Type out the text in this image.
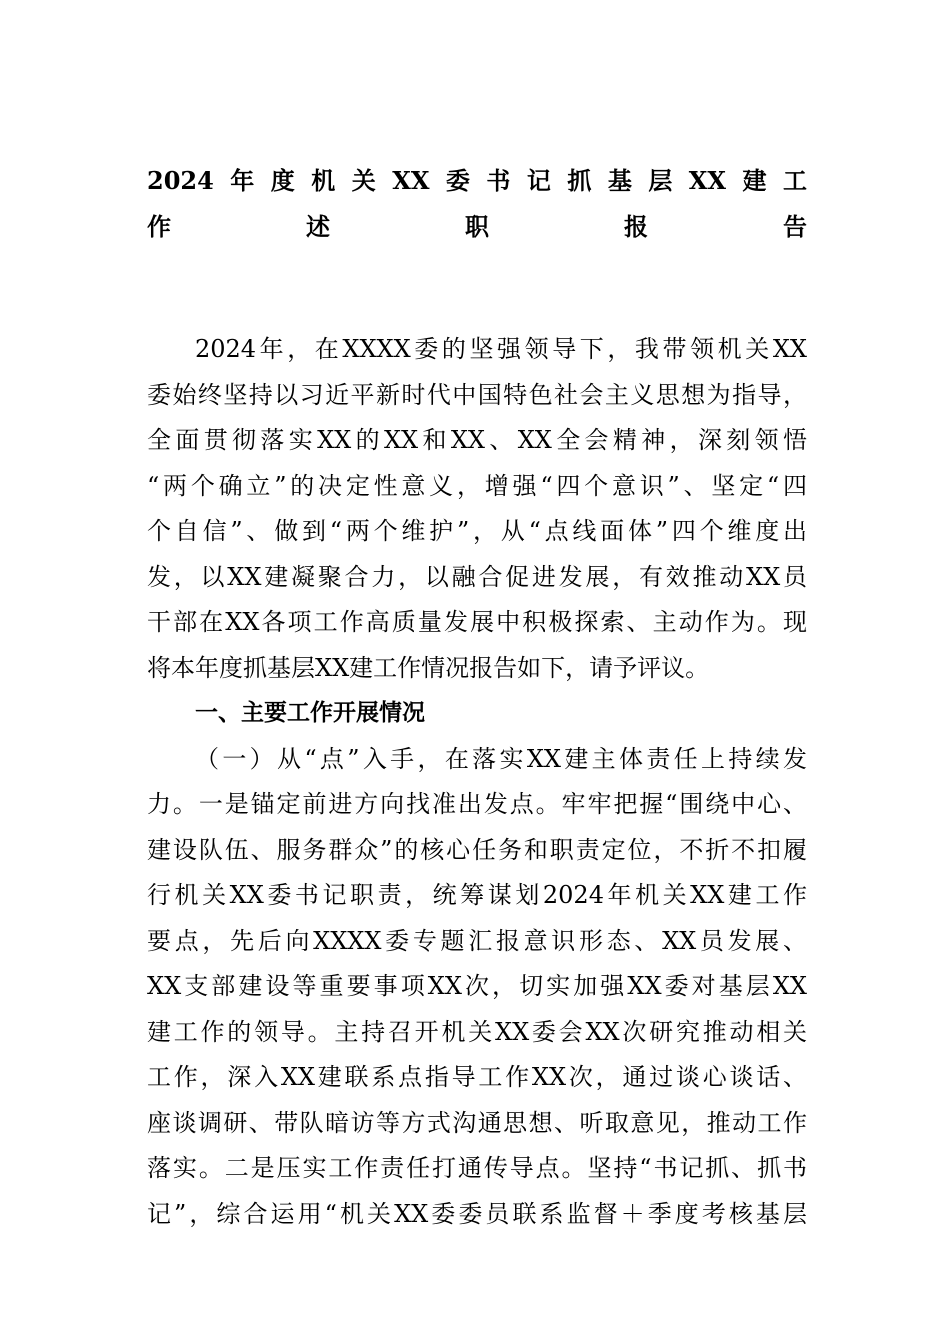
2024年度机关XX委书记抓基层XX建工
作述职报告
2024年，在XXXX委的坚强领导下，我带领机关XX
委始终坚持以习近平新时代中国特色社会主义思想为指导，
全面贯彻落实XX的XX和XX、XX全会精神，深刻领悟
“两个确立”的决定性意义，增强“四个意识”、坚定“四
个自信”、做到“两个维护”，从“点线面体”四个维度出
发，以XX建凝聚合力，以融合促进发展，有效推动XX员
干部在XX各项工作高质量发展中积极探索、主动作为。现
将本年度抓基层XX建工作情况报告如下，请予评议。
一、主要工作开展情况
（一）从“点”入手，在落实XX建主体责任上持续发
力。一是锚定前进方向找准出发点。牢牢把握“围绕中心、
建设队伍、服务群众”的核心任务和职责定位，不折不扣履
行机关XX委书记职责，统筹谋划2024年机关XX建工作
要点，先后向XXXX委专题汇报意识形态、XX员发展、
XX支部建设等重要事项XX次，切实加强XX委对基层XX
建工作的领导。主持召开机关XX委会XX次研究推动相关
工作，深入XX建联系点指导工作XX次，通过谈心谈话、
座谈调研、带队暗访等方式沟通思想、听取意见，推动工作
落实。二是压实工作责任打通传导点。坚持“书记抓、抓书
记”，综合运用“机关XX委委员联系监督＋季度考核基层
